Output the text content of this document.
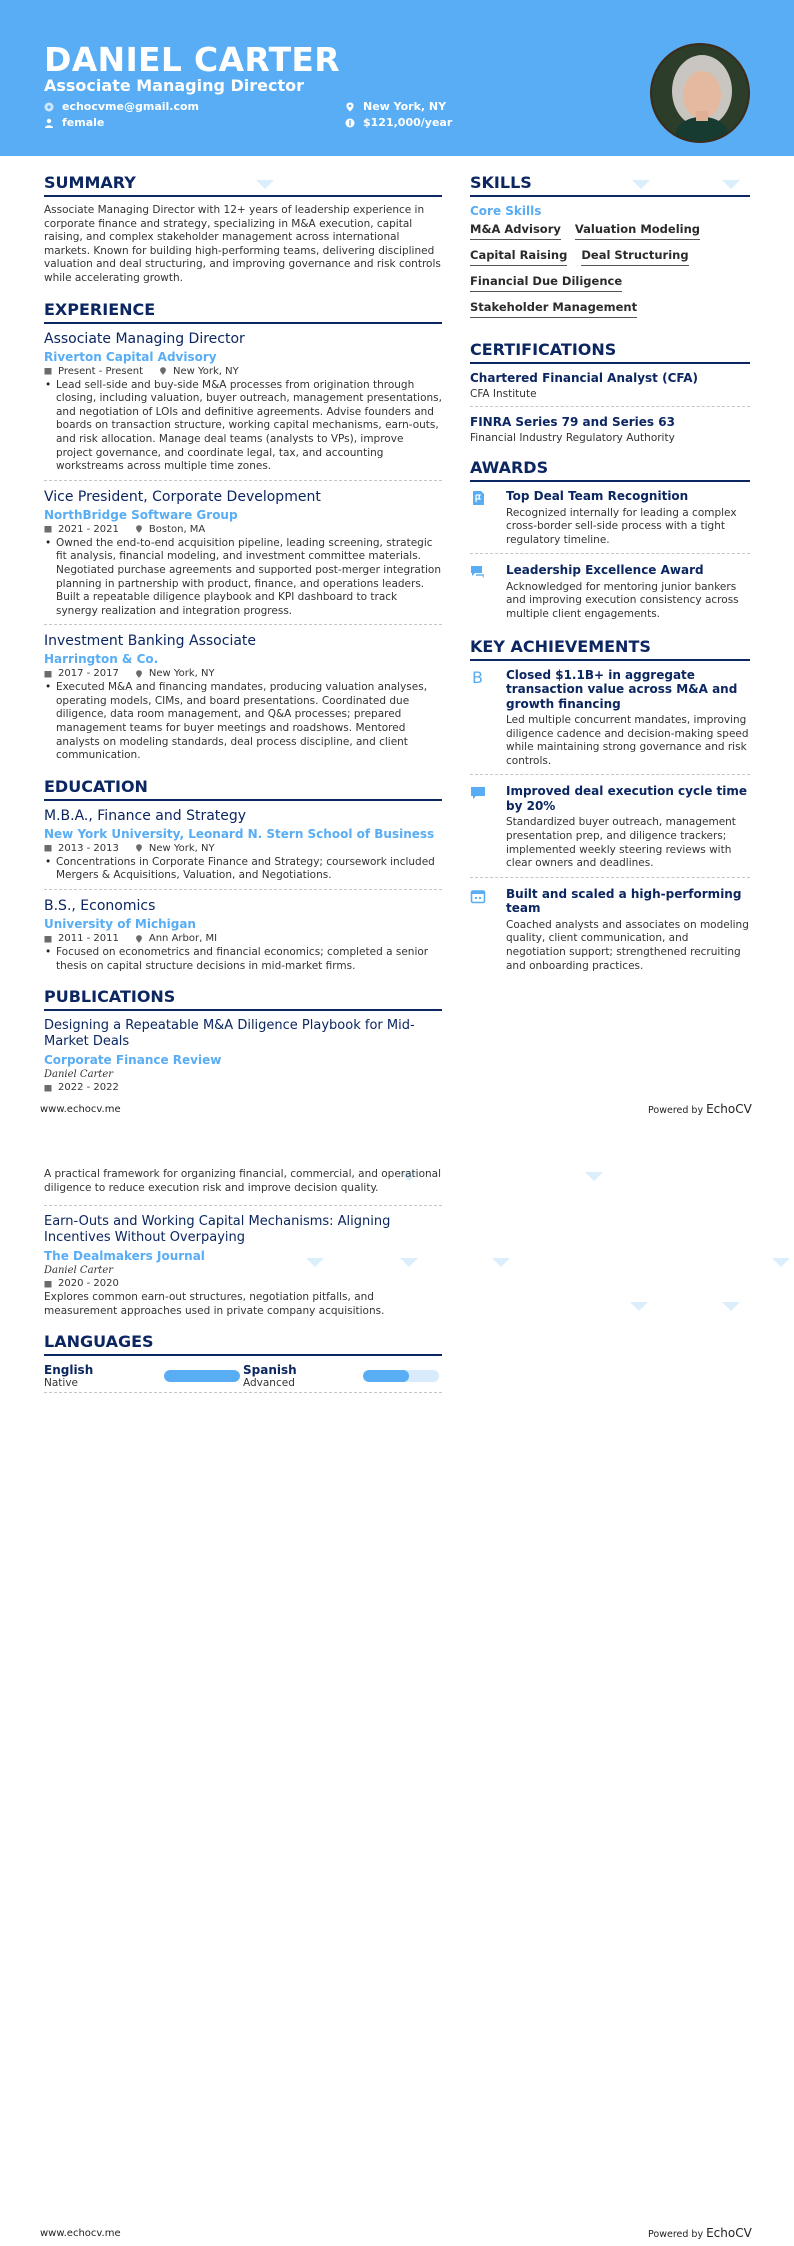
DANIEL CARTER
Associate Managing Director
echocvme@gmail.com
female
New York, NY
$121,000/year
SUMMARY
Associate Managing Director with 12+ years of leadership experience in corporate finance and strategy, specializing in M&A execution, capital raising, and complex stakeholder management across international markets. Known for building high-performing teams, delivering disciplined valuation and deal structuring, and improving governance and risk controls while accelerating growth.
EXPERIENCE
Associate Managing Director
Riverton Capital Advisory
Present - Present	New York, NY
• Lead sell-side and buy-side M&A processes from origination through closing, including valuation, buyer outreach, management presentations, and negotiation of LOIs and definitive agreements. Advise founders and boards on transaction structure, working capital mechanisms, earn-outs, and risk allocation. Manage deal teams (analysts to VPs), improve project governance, and coordinate legal, tax, and accounting workstreams across multiple time zones.
Vice President, Corporate Development
NorthBridge Software Group
2021 - 2021	Boston, MA
• Owned the end-to-end acquisition pipeline, leading screening, strategic fit analysis, financial modeling, and investment committee materials. Negotiated purchase agreements and supported post-merger integration planning in partnership with product, finance, and operations leaders. Built a repeatable diligence playbook and KPI dashboard to track synergy realization and integration progress.
Investment Banking Associate
Harrington & Co.
2017 - 2017	New York, NY
• Executed M&A and financing mandates, producing valuation analyses, operating models, CIMs, and board presentations. Coordinated due diligence, data room management, and Q&A processes; prepared management teams for buyer meetings and roadshows. Mentored analysts on modeling standards, deal process discipline, and client communication.
EDUCATION
M.B.A., Finance and Strategy
New York University, Leonard N. Stern School of Business
2013 - 2013	New York, NY
• Concentrations in Corporate Finance and Strategy; coursework included Mergers & Acquisitions, Valuation, and Negotiations.
B.S., Economics
University of Michigan
2011 - 2011	Ann Arbor, MI
• Focused on econometrics and financial economics; completed a senior thesis on capital structure decisions in mid-market firms.
PUBLICATIONS
Designing a Repeatable M&A Diligence Playbook for Mid-Market Deals
Corporate Finance Review
Daniel Carter
2022 - 2022
SKILLS
Core Skills
M&A Advisory Valuation Modeling
Capital Raising Deal Structuring
Financial Due Diligence
Stakeholder Management
CERTIFICATIONS
Chartered Financial Analyst (CFA)
CFA Institute
FINRA Series 79 and Series 63
Financial Industry Regulatory Authority
AWARDS
Top Deal Team Recognition
Recognized internally for leading a complex cross-border sell-side process with a tight regulatory timeline.
Leadership Excellence Award
Acknowledged for mentoring junior bankers and improving execution consistency across multiple client engagements.
KEY ACHIEVEMENTS
B Closed $1.1B+ in aggregate transaction value across M&A and growth financing
Led multiple concurrent mandates, improving diligence cadence and decision-making speed while maintaining strong governance and risk controls.
Improved deal execution cycle time by 20%
Standardized buyer outreach, management presentation prep, and diligence trackers; implemented weekly steering reviews with clear owners and deadlines.
Built and scaled a high-performing team
Coached analysts and associates on modeling quality, client communication, and negotiation support; strengthened recruiting and onboarding practices.
www.echocv.me	Powered by EchoCV
A practical framework for organizing financial, commercial, and operational diligence to reduce execution risk and improve decision quality.
Earn-Outs and Working Capital Mechanisms: Aligning Incentives Without Overpaying
The Dealmakers Journal
Daniel Carter
2020 - 2020
Explores common earn-out structures, negotiation pitfalls, and measurement approaches used in private company acquisitions.
LANGUAGES
English
Native
Spanish
Advanced
www.echocv.me	Powered by EchoCV
